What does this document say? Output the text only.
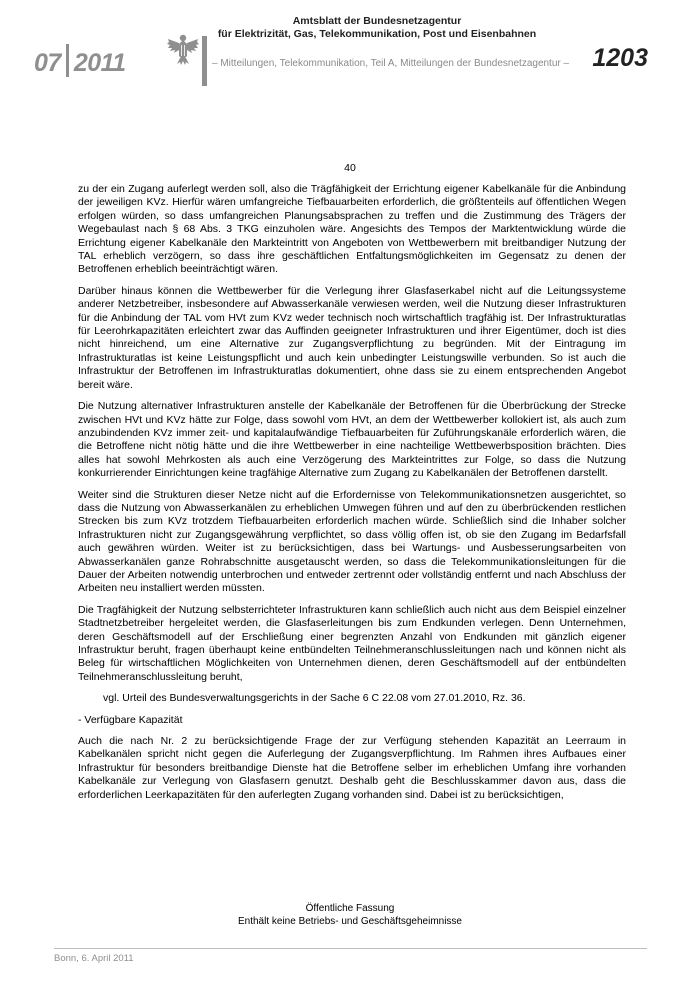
07 2011
Amtsblatt der Bundesnetzagentur
für Elektrizität, Gas, Telekommunikation, Post und Eisenbahnen
– Mitteilungen, Telekommunikation, Teil A, Mitteilungen der Bundesnetzagentur – 1203
40

zu der ein Zugang auferlegt werden soll, also die Trägfähigkeit der Errichtung eigener Kabelkanäle für die Anbindung der jeweiligen KVz. Hierfür wären umfangreiche Tiefbauarbeiten erforderlich, die größtenteils auf öffentlichen Wegen erfolgen würden, so dass umfangreichen Planungsabsprachen zu treffen und die Zustimmung des Trägers der Wegebaulast nach § 68 Abs. 3 TKG einzuholen wäre. Angesichts des Tempos der Marktentwicklung würde die Errichtung eigener Kabelkanäle den Markteintritt von Angeboten von Wettbewerbern mit breitbandiger Nutzung der TAL erheblich verzögern, so dass ihre geschäftlichen Entfaltungsmöglichkeiten im Gegensatz zu denen der Betroffenen erheblich beeinträchtigt wären.

Darüber hinaus können die Wettbewerber für die Verlegung ihrer Glasfaserkabel nicht auf die Leitungssysteme anderer Netzbetreiber, insbesondere auf Abwasserkanäle verwiesen werden, weil die Nutzung dieser Infrastrukturen für die Anbindung der TAL vom HVt zum KVz weder technisch noch wirtschaftlich tragfähig ist. Der Infrastrukturatlas für Leerohrkapazitäten erleichtert zwar das Auffinden geeigneter Infrastrukturen und ihrer Eigentümer, doch ist dies nicht hinreichend, um eine Alternative zur Zugangsverpflichtung zu begründen. Mit der Eintragung im Infrastrukturatlas ist keine Leistungspflicht und auch kein unbedingter Leistungswille verbunden. So ist auch die Infrastruktur der Betroffenen im Infrastrukturatlas dokumentiert, ohne dass sie zu einem entsprechenden Angebot bereit wäre.

Die Nutzung alternativer Infrastrukturen anstelle der Kabelkanäle der Betroffenen für die Überbrückung der Strecke zwischen HVt und KVz hätte zur Folge, dass sowohl vom HVt, an dem der Wettbewerber kollokiert ist, als auch zum anzubindenden KVz immer zeit- und kapitalaufwändige Tiefbauarbeiten für Zuführungskanäle erforderlich wären, die die Betroffene nicht nötig hätte und die ihre Wettbewerber in eine nachteilige Wettbewerbsposition brächten. Dies alles hat sowohl Mehrkosten als auch eine Verzögerung des Markteintrittes zur Folge, so dass die Nutzung konkurrierender Einrichtungen keine tragfähige Alternative zum Zugang zu Kabelkanälen der Betroffenen darstellt.

Weiter sind die Strukturen dieser Netze nicht auf die Erfordernisse von Telekommunikationsnetzen ausgerichtet, so dass die Nutzung von Abwasserkanälen zu erheblichen Umwegen führen und auf den zu überbrückenden restlichen Strecken bis zum KVz trotzdem Tiefbauarbeiten erforderlich machen würde. Schließlich sind die Inhaber solcher Infrastrukturen nicht zur Zugangsgewährung verpflichtet, so dass völlig offen ist, ob sie den Zugang im Bedarfsfall auch gewähren würden. Weiter ist zu berücksichtigen, dass bei Wartungs- und Ausbesserungsarbeiten von Abwasserkanälen ganze Rohrabschnitte ausgetauscht werden, so dass die Telekommunikationsleitungen für die Dauer der Arbeiten notwendig unterbrochen und entweder zertrennt oder vollständig entfernt und nach Abschluss der Arbeiten neu installiert werden müssten.

Die Tragfähigkeit der Nutzung selbsterrichteter Infrastrukturen kann schließlich auch nicht aus dem Beispiel einzelner Stadtnetzbetreiber hergeleitet werden, die Glasfaserleitungen bis zum Endkunden verlegen. Denn Unternehmen, deren Geschäftsmodell auf der Erschließung einer begrenzten Anzahl von Endkunden mit gänzlich eigener Infrastruktur beruht, fragen überhaupt keine entbündelten Teilnehmeranschlussleitungen nach und können nicht als Beleg für wirtschaftlichen Möglichkeiten von Unternehmen dienen, deren Geschäftsmodell auf der entbündelten Teilnehmeranschlussleitung beruht,

vgl. Urteil des Bundesverwaltungsgerichts in der Sache 6 C 22.08 vom 27.01.2010, Rz. 36.

- Verfügbare Kapazität

Auch die nach Nr. 2 zu berücksichtigende Frage der zur Verfügung stehenden Kapazität an Leerraum in Kabelkanälen spricht nicht gegen die Auferlegung der Zugangsverpflichtung. Im Rahmen ihres Aufbaues einer Infrastruktur für besonders breitbandige Dienste hat die Betroffene selber im erheblichen Umfang ihre vorhanden Kabelkanäle zur Verlegung von Glasfasern genutzt. Deshalb geht die Beschlusskammer davon aus, dass die erforderlichen Leerkapazitäten für den auferlegten Zugang vorhanden sind. Dabei ist zu berücksichtigen,

Öffentliche Fassung
Enthält keine Betriebs- und Geschäftsgeheimnisse
Bonn, 6. April 2011
